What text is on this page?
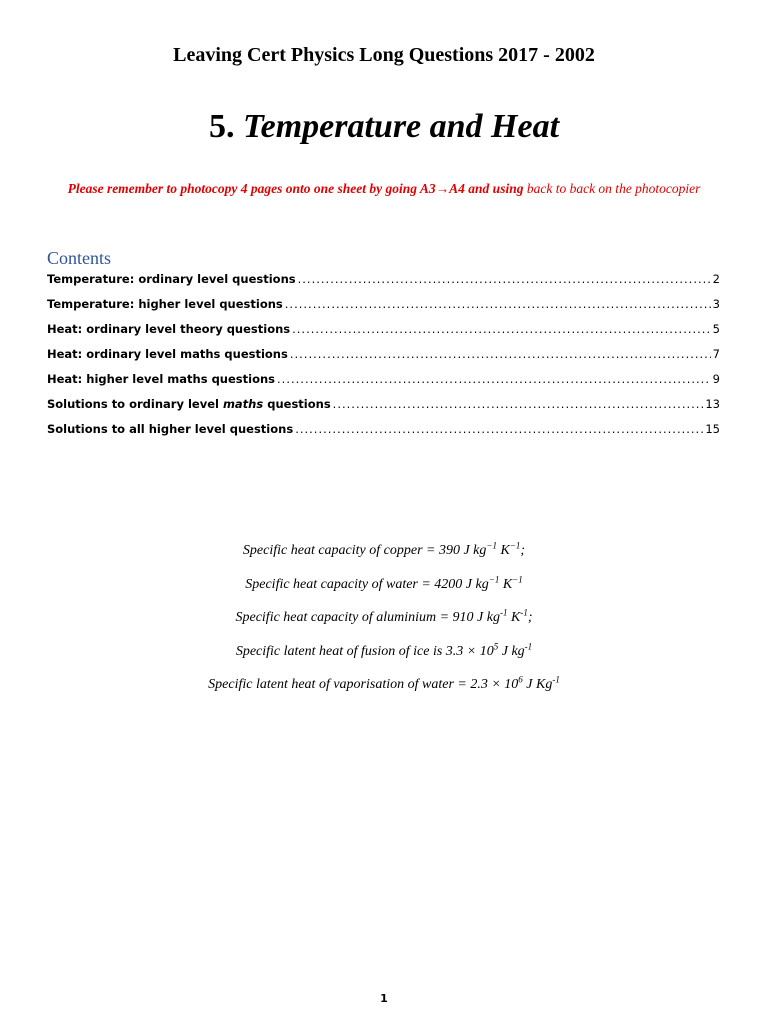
Leaving Cert Physics Long Questions 2017 - 2002
5. Temperature and Heat
Please remember to photocopy 4 pages onto one sheet by going A3→A4 and using back to back on the photocopier
Contents
Temperature: ordinary level questions .....	2
Temperature: higher level questions .....	3
Heat: ordinary level theory questions .....	5
Heat: ordinary level maths questions .....	7
Heat: higher level maths questions .....	9
Solutions to ordinary level maths questions .....	13
Solutions to all higher level questions .....	15
Specific heat capacity of copper = 390 J $kg^{-1}$ $K^{-1}$;
Specific heat capacity of water = 4200 J $kg^{-1}$ $K^{-1}$
Specific heat capacity of aluminium = 910 J $kg^{-1}$ $K^{-1}$;
Specific latent heat of fusion of ice is $3.3 \times 10^5$ J $kg^{-1}$
Specific latent heat of vaporisation of water = $2.3 \times 10^6$ J $Kg^{-1}$
1
